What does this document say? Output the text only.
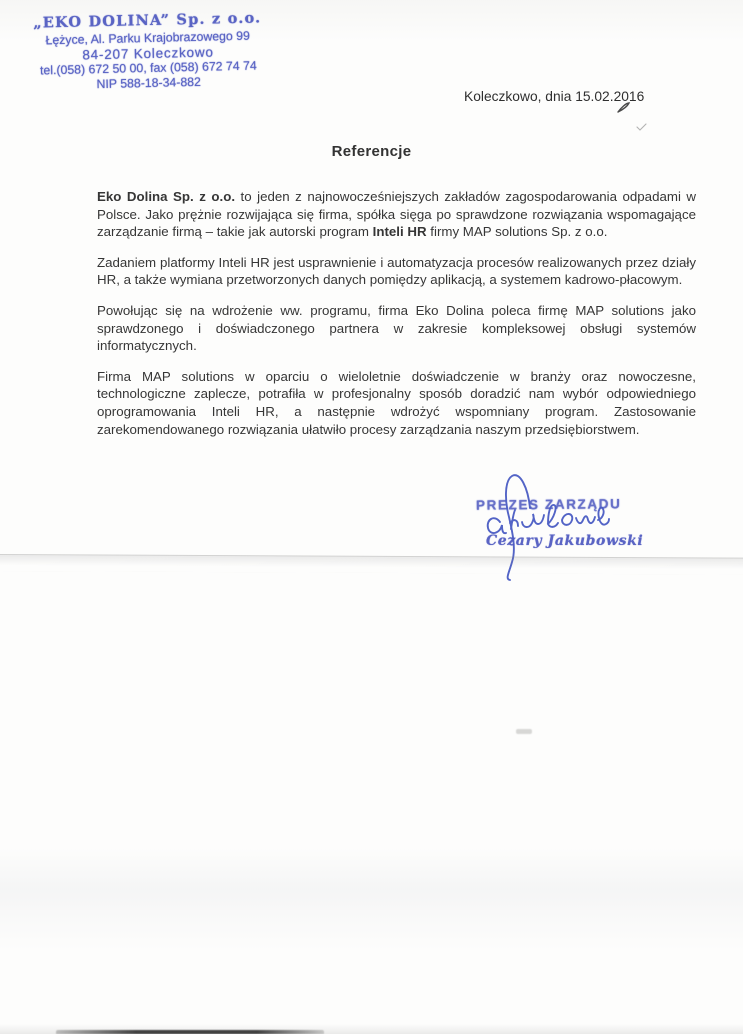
„EKO DOLINA” Sp. z o.o.
Łężyce, Al. Parku Krajobrazowego 99
84-207 Koleczkowo
tel.(058) 672 50 00, fax (058) 672 74 74
NIP 588-18-34-882
Koleczkowo, dnia 15.02.2016
Referencje

Eko Dolina Sp. z o.o. to jeden z najnowocześniejszych zakładów zagospodarowania odpadami w Polsce. Jako prężnie rozwijająca się firma, spółka sięga po sprawdzone rozwiązania wspomagające zarządzanie firmą – takie jak autorski program Inteli HR firmy MAP solutions Sp. z o.o.

Zadaniem platformy Inteli HR jest usprawnienie i automatyzacja procesów realizowanych przez działy HR, a także wymiana przetworzonych danych pomiędzy aplikacją, a systemem kadrowo-płacowym.

Powołując się na wdrożenie ww. programu, firma Eko Dolina poleca firmę MAP solutions jako sprawdzonego i doświadczonego partnera w zakresie kompleksowej obsługi systemów informatycznych.

Firma MAP solutions w oparciu o wieloletnie doświadczenie w branży oraz nowoczesne, technologiczne zaplecze, potrafiła w profesjonalny sposób doradzić nam wybór odpowiedniego oprogramowania Inteli HR, a następnie wdrożyć wspomniany program. Zastosowanie zarekomendowanego rozwiązania ułatwiło procesy zarządzania naszym przedsiębiorstwem.

PREZES ZARZĄDU
Cezary Jakubowski
